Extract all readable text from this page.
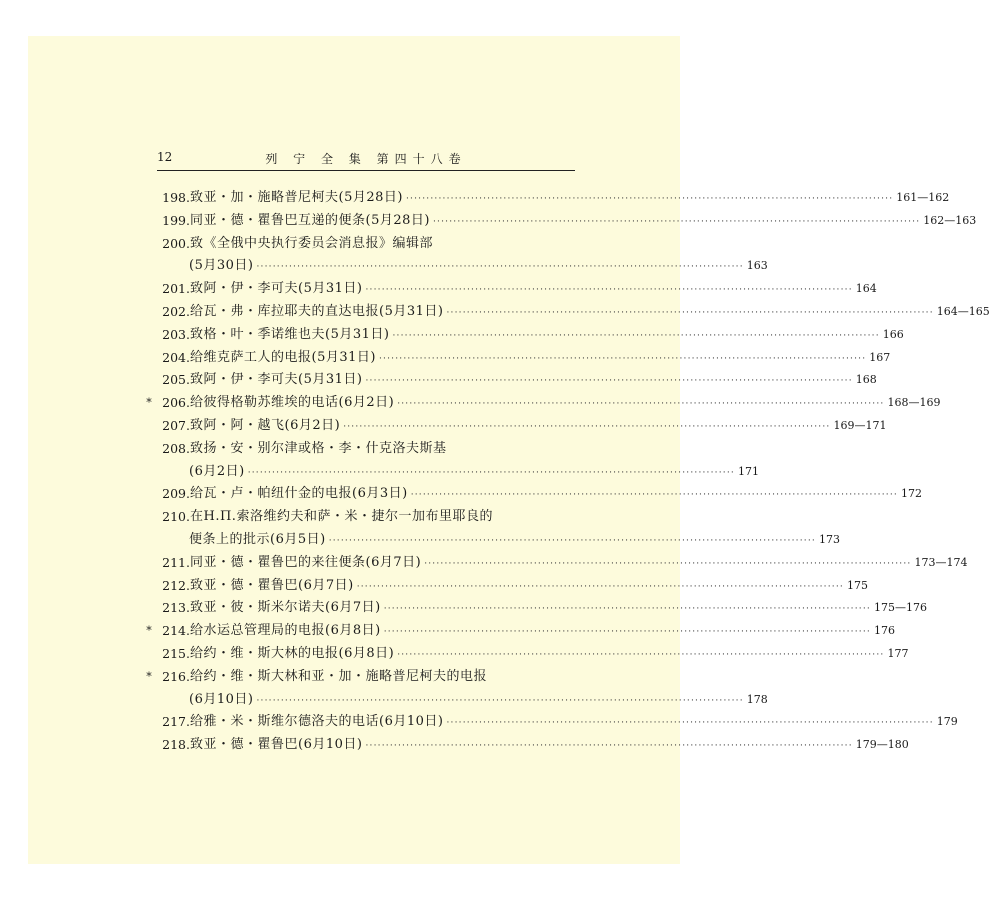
12	列 宁 全 集 第四十八卷
198. 致亚・加・施略普尼柯夫(5月28日) ························································································································ 161—162
199. 同亚・德・瞿鲁巴互递的便条(5月28日) ························································································································ 162—163
200. 致《全俄中央执行委员会消息报》编辑部
(5月30日) ························································································································ 163
201. 致阿・伊・李可夫(5月31日) ························································································································ 164
202. 给瓦・弗・库拉耶夫的直达电报(5月31日) ························································································································ 164—165
203. 致格・叶・季诺维也夫(5月31日) ························································································································ 166
204. 给维克萨工人的电报(5月31日) ························································································································ 167
205. 致阿・伊・李可夫(5月31日) ························································································································ 168
* 206. 给彼得格勒苏维埃的电话(6月2日) ························································································································ 168—169
207. 致阿・阿・越飞(6月2日) ························································································································ 169—171
208. 致扬・安・别尔津或格・李・什克洛夫斯基
(6月2日) ························································································································ 171
209. 给瓦・卢・帕纽什金的电报(6月3日) ························································································································ 172
210. 在Н.П.索洛维约夫和萨・米・捷尔一加布里耶良的
便条上的批示(6月5日) ························································································································ 173
211. 同亚・德・瞿鲁巴的来往便条(6月7日) ························································································································ 173—174
212. 致亚・德・瞿鲁巴(6月7日) ························································································································ 175
213. 致亚・彼・斯米尔诺夫(6月7日) ························································································································ 175—176
* 214. 给水运总管理局的电报(6月8日) ························································································································ 176
215. 给约・维・斯大林的电报(6月8日) ························································································································ 177
* 216. 给约・维・斯大林和亚・加・施略普尼柯夫的电报
(6月10日) ························································································································ 178
217. 给雅・米・斯维尔德洛夫的电话(6月10日) ························································································································ 179
218. 致亚・德・瞿鲁巴(6月10日) ························································································································ 179—180
